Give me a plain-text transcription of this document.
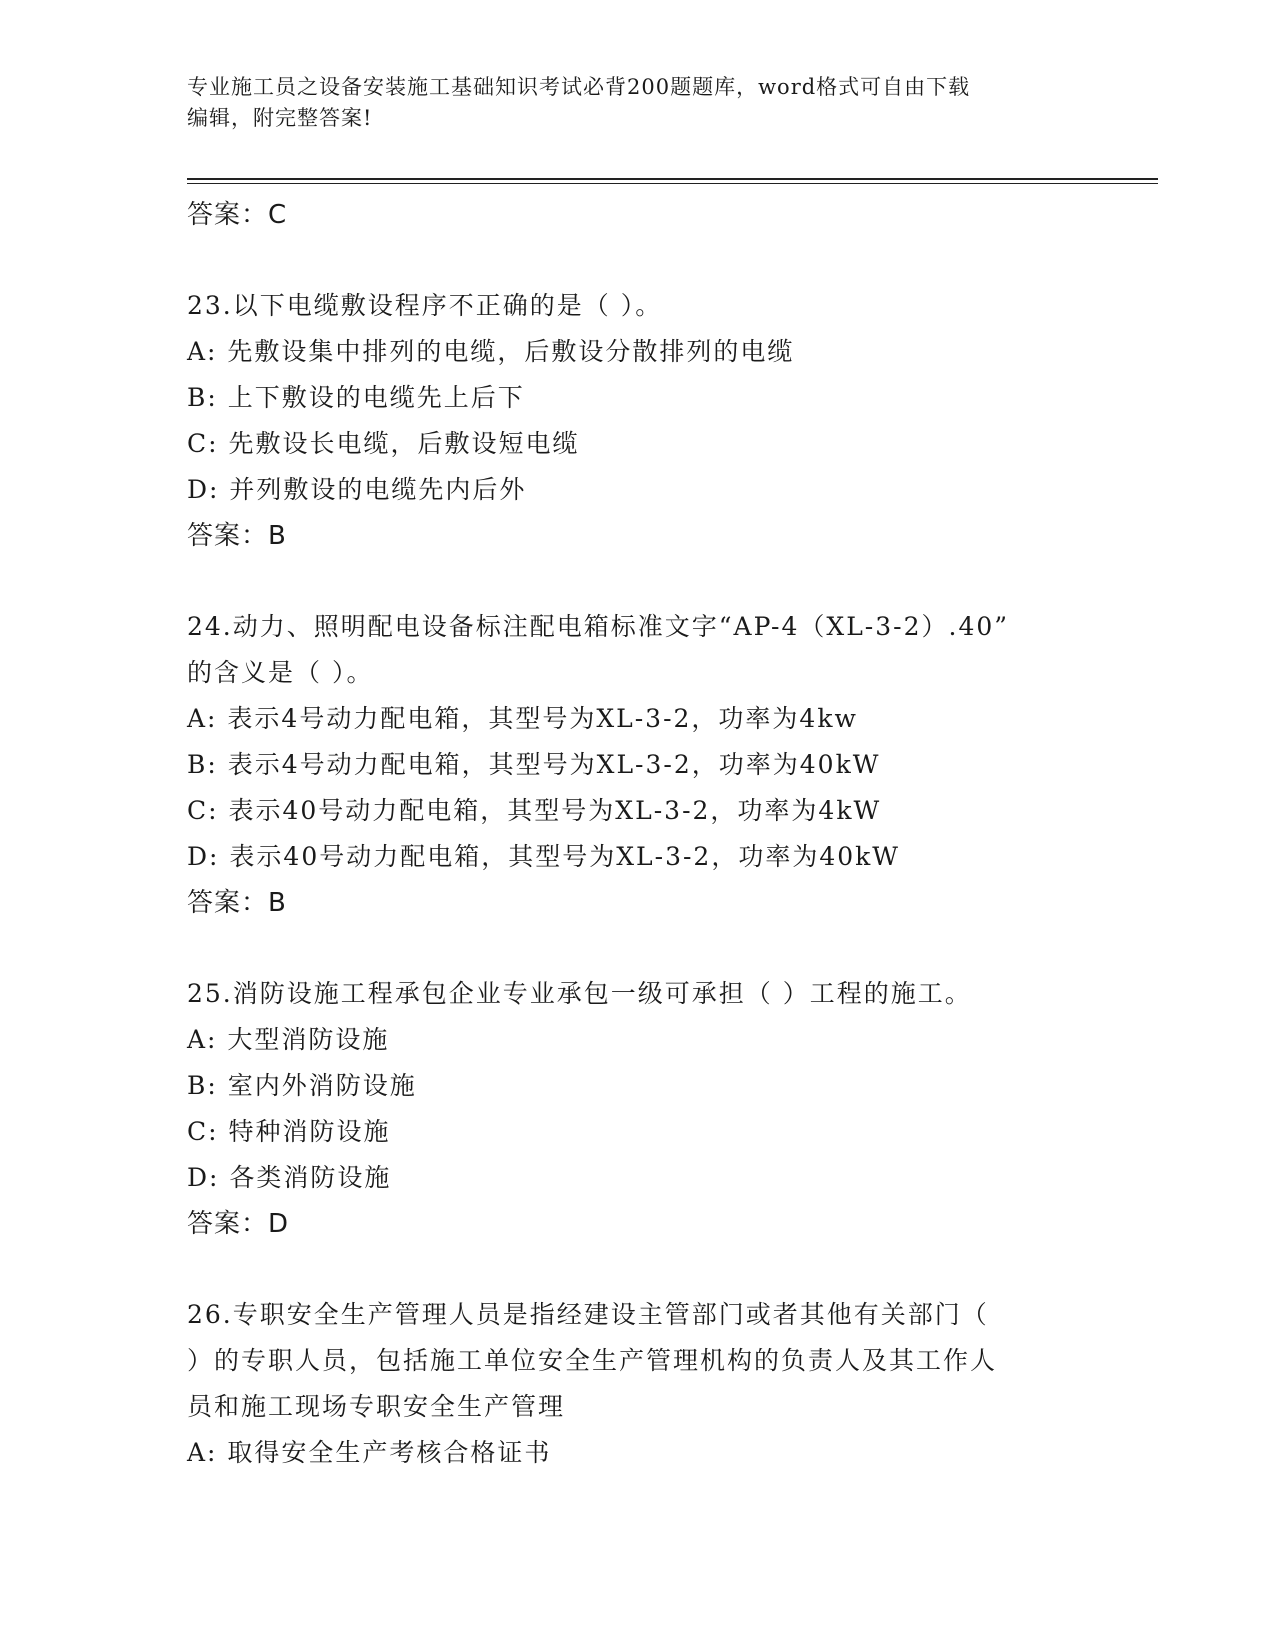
专业施工员之设备安装施工基础知识考试必背200题题库，word格式可自由下载
编辑，附完整答案!

答案：C

23.以下电缆敷设程序不正确的是（ ）。

A: 先敷设集中排列的电缆，后敷设分散排列的电缆

B: 上下敷设的电缆先上后下

C: 先敷设长电缆，后敷设短电缆

D: 并列敷设的电缆先内后外

答案：B

24.动力、照明配电设备标注配电箱标准文字“AP-4（XL-3-2）.40”

的含义是（ ）。

A: 表示4号动力配电箱，其型号为XL-3-2，功率为4kw

B: 表示4号动力配电箱，其型号为XL-3-2，功率为40kW

C: 表示40号动力配电箱，其型号为XL-3-2，功率为4kW

D: 表示40号动力配电箱，其型号为XL-3-2，功率为40kW

答案：B

25.消防设施工程承包企业专业承包一级可承担（ ）工程的施工。

A: 大型消防设施

B: 室内外消防设施

C: 特种消防设施

D: 各类消防设施

答案：D

26.专职安全生产管理人员是指经建设主管部门或者其他有关部门（

）的专职人员，包括施工单位安全生产管理机构的负责人及其工作人

员和施工现场专职安全生产管理

A: 取得安全生产考核合格证书
